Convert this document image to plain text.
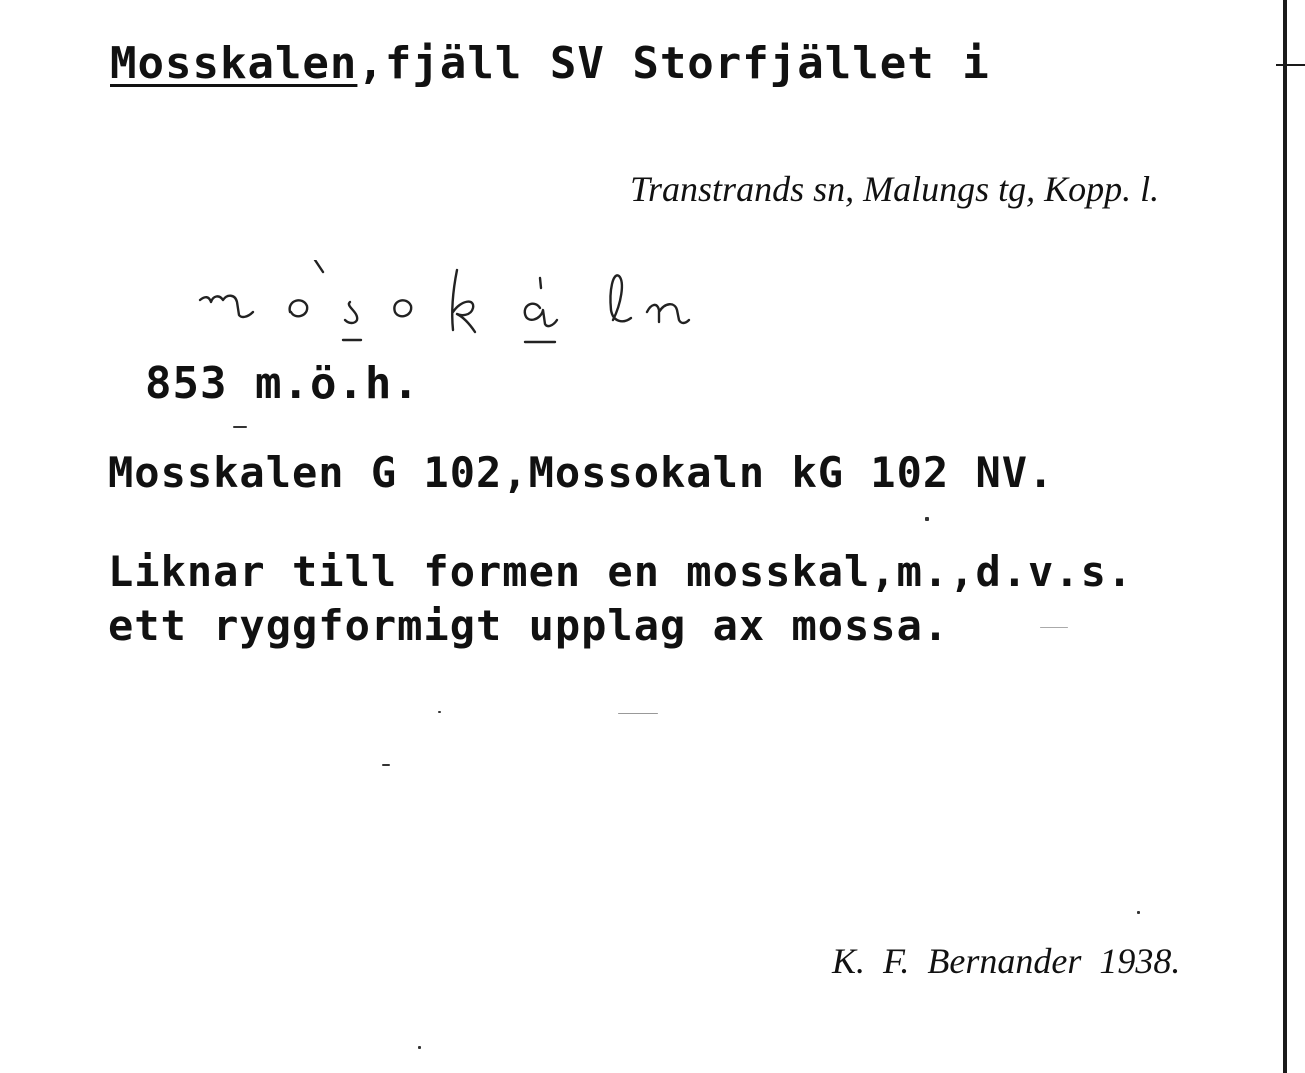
Mosskalen,fjäll SV Storfjället i
Transtrands sn, Malungs tg, Kopp. l.
853 m.ö.h.
Mosskalen G 102,Mossokaln kG 102 NV.
Liknar till formen en mosskal,m.,d.v.s.
ett ryggformigt upplag ax mossa.
K.  F.  Bernander  1938.
